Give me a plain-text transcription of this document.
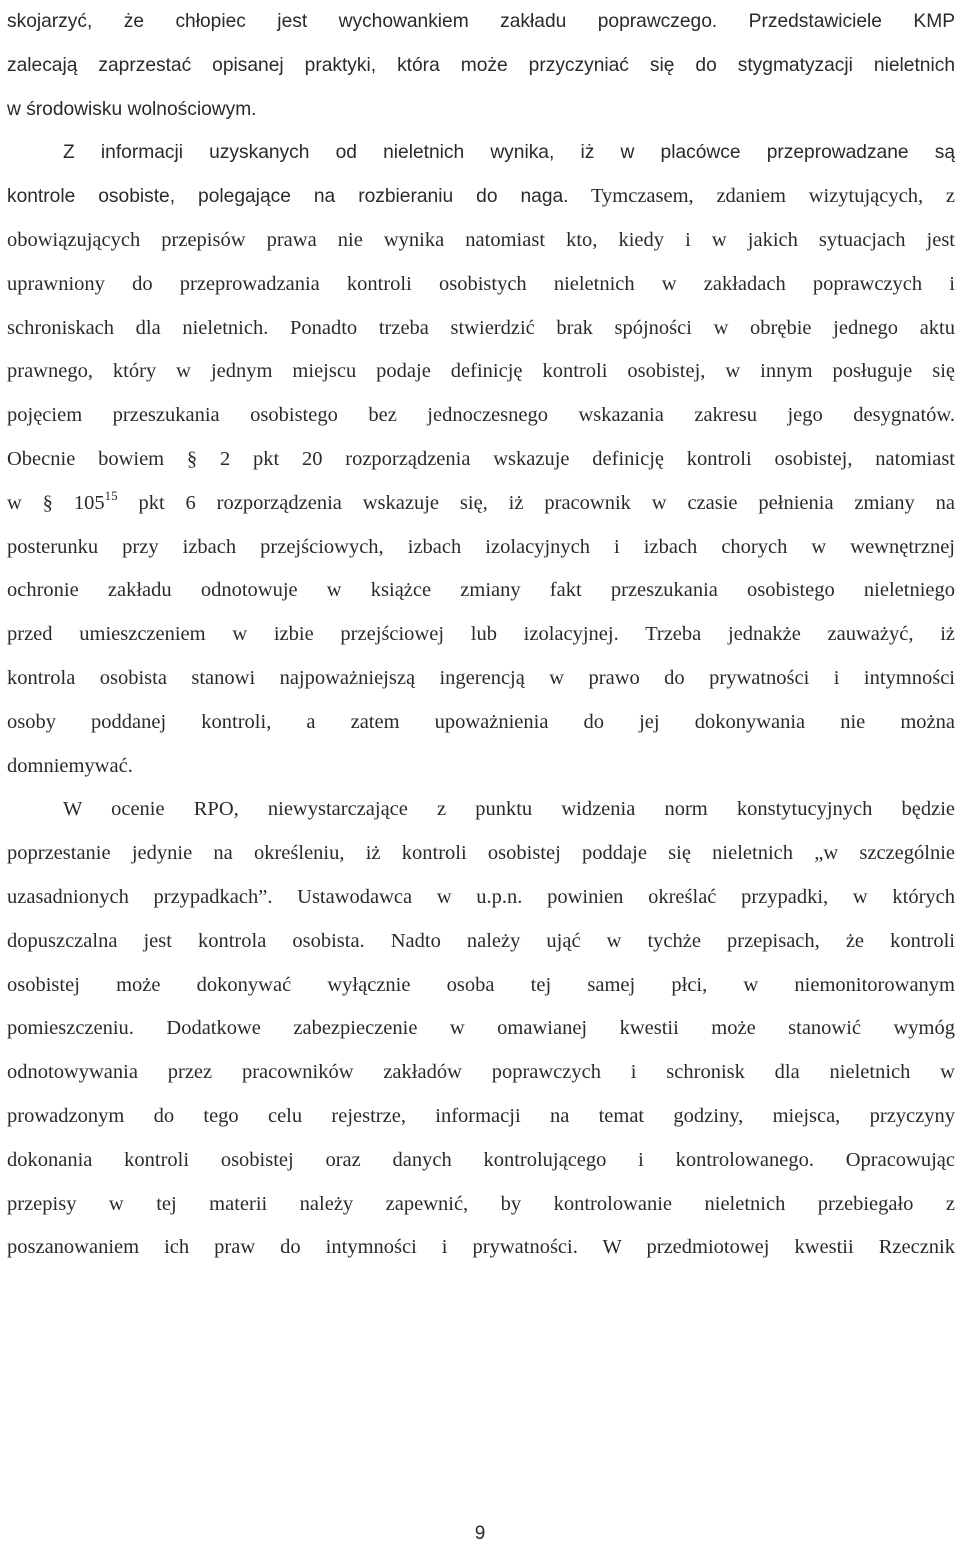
skojarzyć, że chłopiec jest wychowankiem zakładu poprawczego. Przedstawiciele KMP
zalecają zaprzestać opisanej praktyki, która może przyczyniać się do stygmatyzacji nieletnich
w środowisku wolnościowym.

Z informacji uzyskanych od nieletnich wynika, iż w placówce przeprowadzane są
kontrole osobiste, polegające na rozbieraniu do naga. Tymczasem, zdaniem wizytujących, z
obowiązujących przepisów prawa nie wynika natomiast kto, kiedy i w jakich sytuacjach jest
uprawniony do przeprowadzania kontroli osobistych nieletnich w zakładach poprawczych i
schroniskach dla nieletnich. Ponadto trzeba stwierdzić brak spójności w obrębie jednego aktu
prawnego, który w jednym miejscu podaje definicję kontroli osobistej, w innym posługuje się
pojęciem przeszukania osobistego bez jednoczesnego wskazania zakresu jego desygnatów.
Obecnie bowiem § 2 pkt 20 rozporządzenia wskazuje definicję kontroli osobistej, natomiast
w § $105^{15}$ pkt 6 rozporządzenia wskazuje się, iż pracownik w czasie pełnienia zmiany na
posterunku przy izbach przejściowych, izbach izolacyjnych i izbach chorych w wewnętrznej
ochronie zakładu odnotowuje w książce zmiany fakt przeszukania osobistego nieletniego
przed umieszczeniem w izbie przejściowej lub izolacyjnej. Trzeba jednakże zauważyć, iż
kontrola osobista stanowi najpoważniejszą ingerencją w prawo do prywatności i intymności
osoby poddanej kontroli, a zatem upoważnienia do jej dokonywania nie można
domniemywać.

W ocenie RPO, niewystarczające z punktu widzenia norm konstytucyjnych będzie
poprzestanie jedynie na określeniu, iż kontroli osobistej poddaje się nieletnich „w szczególnie
uzasadnionych przypadkach”. Ustawodawca w u.p.n. powinien określać przypadki, w których
dopuszczalna jest kontrola osobista. Nadto należy ująć w tychże przepisach, że kontroli
osobistej może dokonywać wyłącznie osoba tej samej płci, w niemonitorowanym
pomieszczeniu. Dodatkowe zabezpieczenie w omawianej kwestii może stanowić wymóg
odnotowywania przez pracowników zakładów poprawczych i schronisk dla nieletnich w
prowadzonym do tego celu rejestrze, informacji na temat godziny, miejsca, przyczyny
dokonania kontroli osobistej oraz danych kontrolującego i kontrolowanego. Opracowując
przepisy w tej materii należy zapewnić, by kontrolowanie nieletnich przebiegało z
poszanowaniem ich praw do intymności i prywatności. W przedmiotowej kwestii Rzecznik

9
